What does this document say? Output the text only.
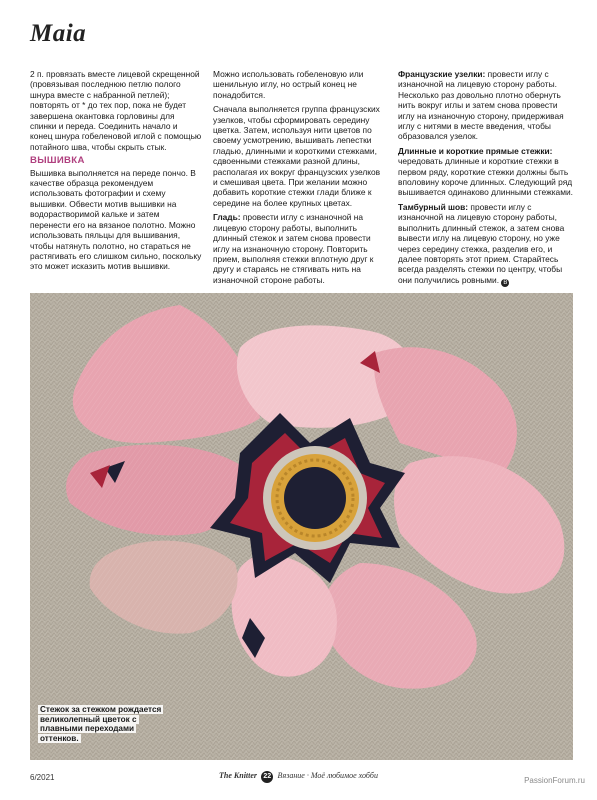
Maia

2 п. провязать вместе лицевой скрещенной (провязывая последнюю петлю полого шнура вместе с набранной петлей); повторять от * до тех пор, пока не будет завершена окантовка горловины для спинки и переда. Соединить начало и конец шнура гобеленовой иглой с помощью потайного шва, чтобы скрыть стык.

ВЫШИВКА

Вышивка выполняется на переде пончо. В качестве образца рекомендуем использовать фотографии и схему вышивки. Обвести мотив вышивки на водорастворимой кальке и затем перенести его на вязаное полотно. Можно использовать пяльцы для вышивания, чтобы натянуть полотно, но стараться не растягивать его слишком сильно, поскольку это может исказить мотив вышивки.

Можно использовать гобеленовую или шенильную иглу, но острый конец не понадобится.

Сначала выполняется группа французских узелков, чтобы сформировать середину цветка. Затем, используя нити цветов по своему усмотрению, вышивать лепестки гладью, длинными и короткими стежками, сдвоенными стежками разной длины, располагая их вокруг французских узелков и смешивая цвета. При желании можно добавить короткие стежки глади ближе к середине на более крупных цветах.

Гладь: провести иглу с изнаночной на лицевую сторону работы, выполнить длинный стежок и затем снова провести иглу на изнаночную сторону. Повторить прием, выполняя стежки вплотную друг к другу и стараясь не стягивать нить на изнаночной стороне работы.

Французские узелки: провести иглу с изнаночной на лицевую сторону работы. Несколько раз довольно плотно обернуть нить вокруг иглы и затем снова провести иглу на изнаночную сторону, придерживая иглу с нитями в месте введения, чтобы образовался узелок.

Длинные и короткие прямые стежки: чередовать длинные и короткие стежки в первом ряду, короткие стежки должны быть вполовину короче длинных. Следующий ряд вышивается одинаково длинными стежками.

Тамбурный шов: провести иглу с изнаночной на лицевую сторону работы, выполнить длинный стежок, а затем снова вывести иглу на лицевую сторону, но уже через середину стежка, разделив его, и далее повторять этот прием. Старайтесь всегда разделять стежки по центру, чтобы они получились ровными. B

Стежок за стежком рождается великолепный цветок с плавными переходами оттенков.
6/2021	The Knitter 22 Вязание · Моё любимое хобби
PassionForum.ru
